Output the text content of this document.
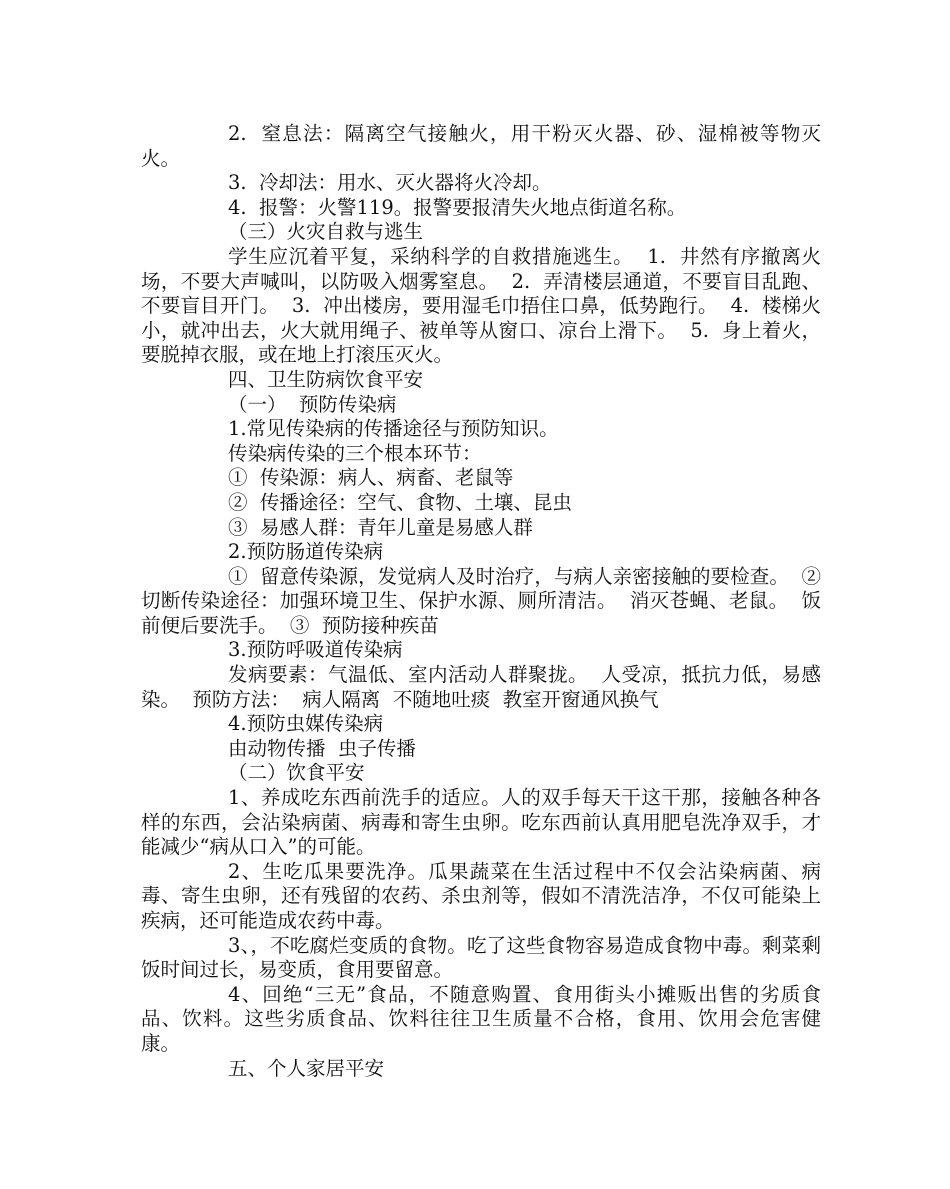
2.  窒息法：隔离空气接触火，用干粉灭火器、砂、湿棉被等物灭火。

3.  冷却法：用水、灭火器将火冷却。

4.  报警：火警119。报警要报清失火地点街道名称。

（三）火灾自救与逃生

学生应沉着平复，采纳科学的自救措施逃生。  1.  井然有序撤离火场，不要大声喊叫，以防吸入烟雾窒息。  2.  弄清楼层通道，不要盲目乱跑、不要盲目开门。  3.  冲出楼房，要用湿毛巾捂住口鼻，低势跑行。  4.  楼梯火小，就冲出去，火大就用绳子、被单等从窗口、凉台上滑下。  5.  身上着火，要脱掉衣服，或在地上打滚压灭火。

四、卫生防病饮食平安

（一）  预防传染病

1.常见传染病的传播途径与预防知识。

传染病传染的三个根本环节：

①  传染源：病人、病畜、老鼠等

②  传播途径：空气、食物、土壤、昆虫

③  易感人群：青年儿童是易感人群

2.预防肠道传染病

①  留意传染源，发觉病人及时治疗，与病人亲密接触的要检查。  ②  切断传染途径：加强环境卫生、保护水源、厕所清洁。  消灭苍蝇、老鼠。  饭前便后要洗手。  ③  预防接种疾苗

3.预防呼吸道传染病

发病要素：气温低、室内活动人群聚拢。  人受凉，抵抗力低，易感染。  预防方法：  病人隔离  不随地吐痰  教室开窗通风换气

4.预防虫媒传染病

由动物传播  虫子传播

（二）饮食平安

1、养成吃东西前洗手的适应。人的双手每天干这干那，接触各种各样的东西，会沾染病菌、病毒和寄生虫卵。吃东西前认真用肥皂洗净双手，才能减少“病从口入”的可能。

2、生吃瓜果要洗净。瓜果蔬菜在生活过程中不仅会沾染病菌、病毒、寄生虫卵，还有残留的农药、杀虫剂等，假如不清洗洁净，不仅可能染上疾病，还可能造成农药中毒。

3、，不吃腐烂变质的食物。吃了这些食物容易造成食物中毒。剩菜剩饭时间过长，易变质，食用要留意。

4、回绝“三无”食品，不随意购置、食用街头小摊贩出售的劣质食品、饮料。这些劣质食品、饮料往往卫生质量不合格，食用、饮用会危害健康。

五、个人家居平安
